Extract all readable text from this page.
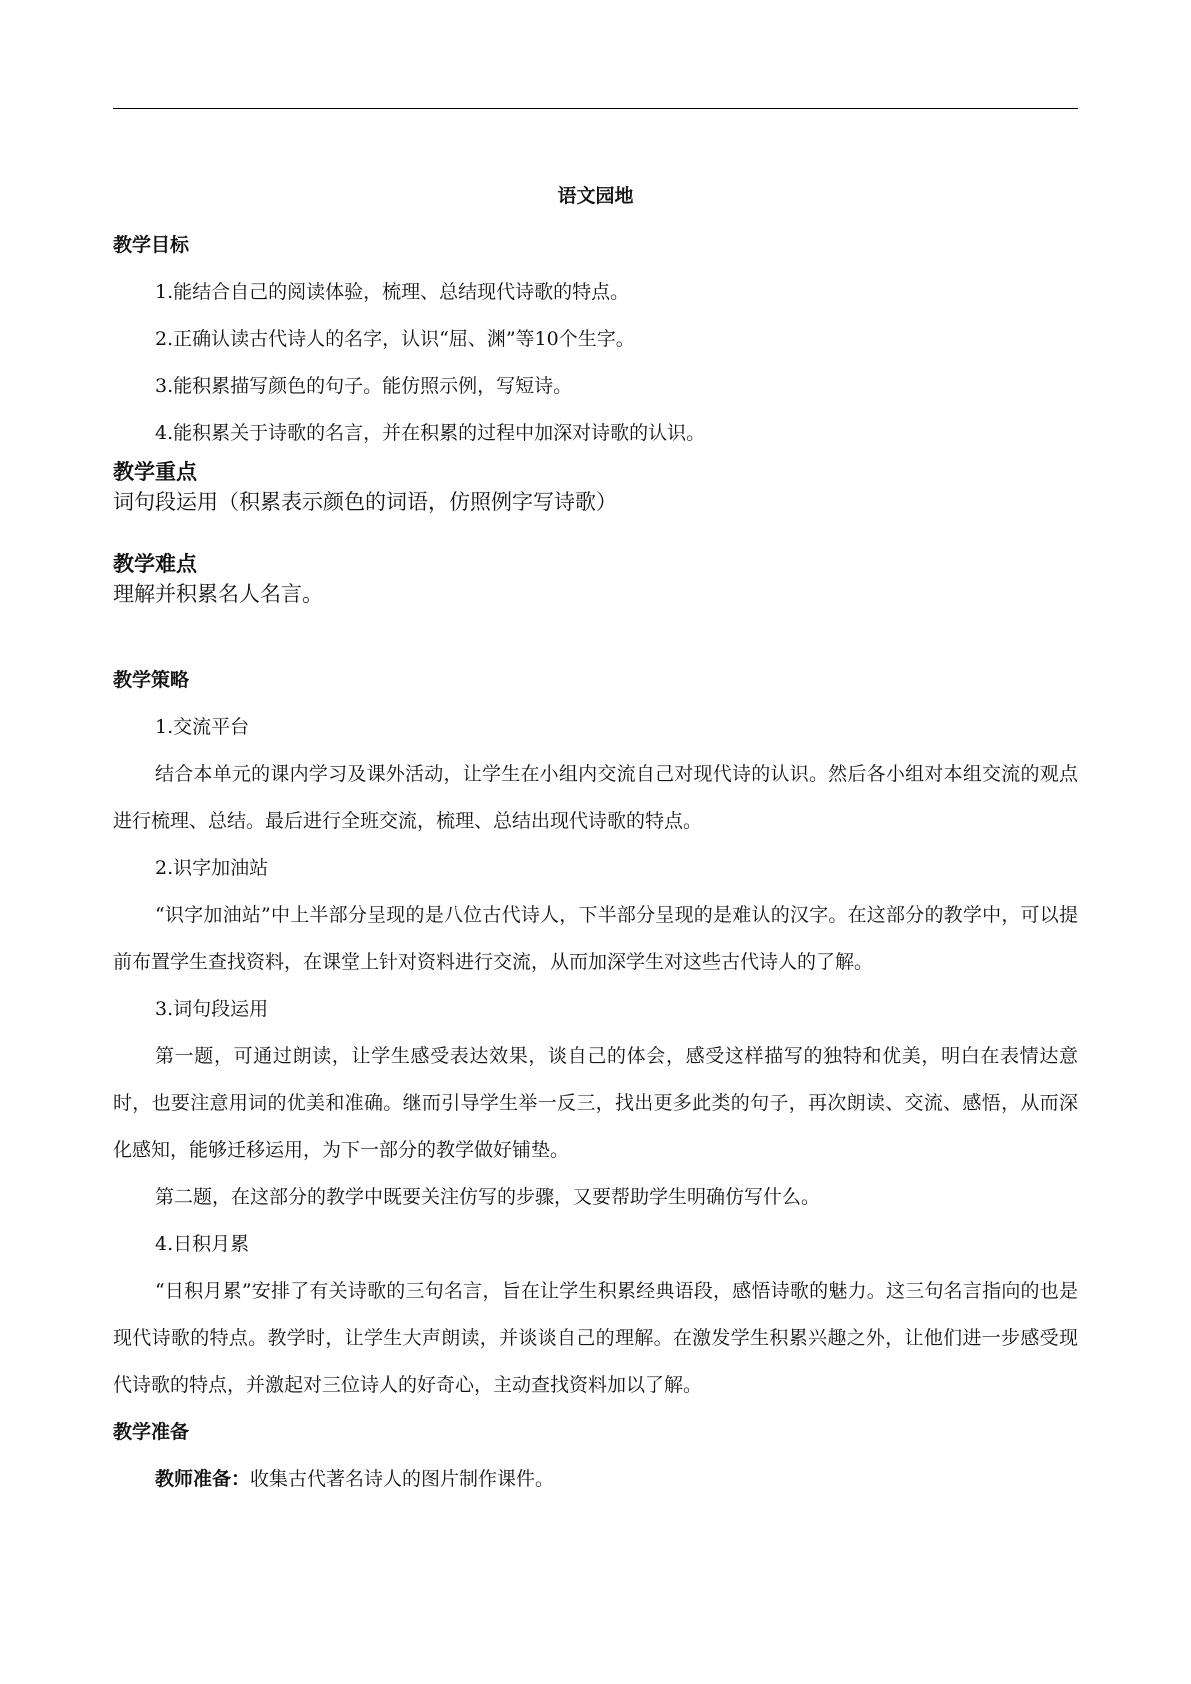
语文园地

教学目标

1.能结合自己的阅读体验，梳理、总结现代诗歌的特点。

2.正确认读古代诗人的名字，认识“屈、渊”等10个生字。

3.能积累描写颜色的句子。能仿照示例，写短诗。

4.能积累关于诗歌的名言，并在积累的过程中加深对诗歌的认识。

教学重点

词句段运用（积累表示颜色的词语，仿照例字写诗歌）

教学难点

理解并积累名人名言。

教学策略

1.交流平台

结合本单元的课内学习及课外活动，让学生在小组内交流自己对现代诗的认识。然后各小组对本组交流的观点进行梳理、总结。最后进行全班交流，梳理、总结出现代诗歌的特点。

2.识字加油站

“识字加油站”中上半部分呈现的是八位古代诗人，下半部分呈现的是难认的汉字。在这部分的教学中，可以提前布置学生查找资料，在课堂上针对资料进行交流，从而加深学生对这些古代诗人的了解。

3.词句段运用

第一题，可通过朗读，让学生感受表达效果，谈自己的体会，感受这样描写的独特和优美，明白在表情达意时，也要注意用词的优美和准确。继而引导学生举一反三，找出更多此类的句子，再次朗读、交流、感悟，从而深化感知，能够迁移运用，为下一部分的教学做好铺垫。

第二题，在这部分的教学中既要关注仿写的步骤，又要帮助学生明确仿写什么。

4.日积月累

“日积月累”安排了有关诗歌的三句名言，旨在让学生积累经典语段，感悟诗歌的魅力。这三句名言指向的也是现代诗歌的特点。教学时，让学生大声朗读，并谈谈自己的理解。在激发学生积累兴趣之外，让他们进一步感受现代诗歌的特点，并激起对三位诗人的好奇心，主动查找资料加以了解。

教学准备

教师准备：收集古代著名诗人的图片制作课件。
